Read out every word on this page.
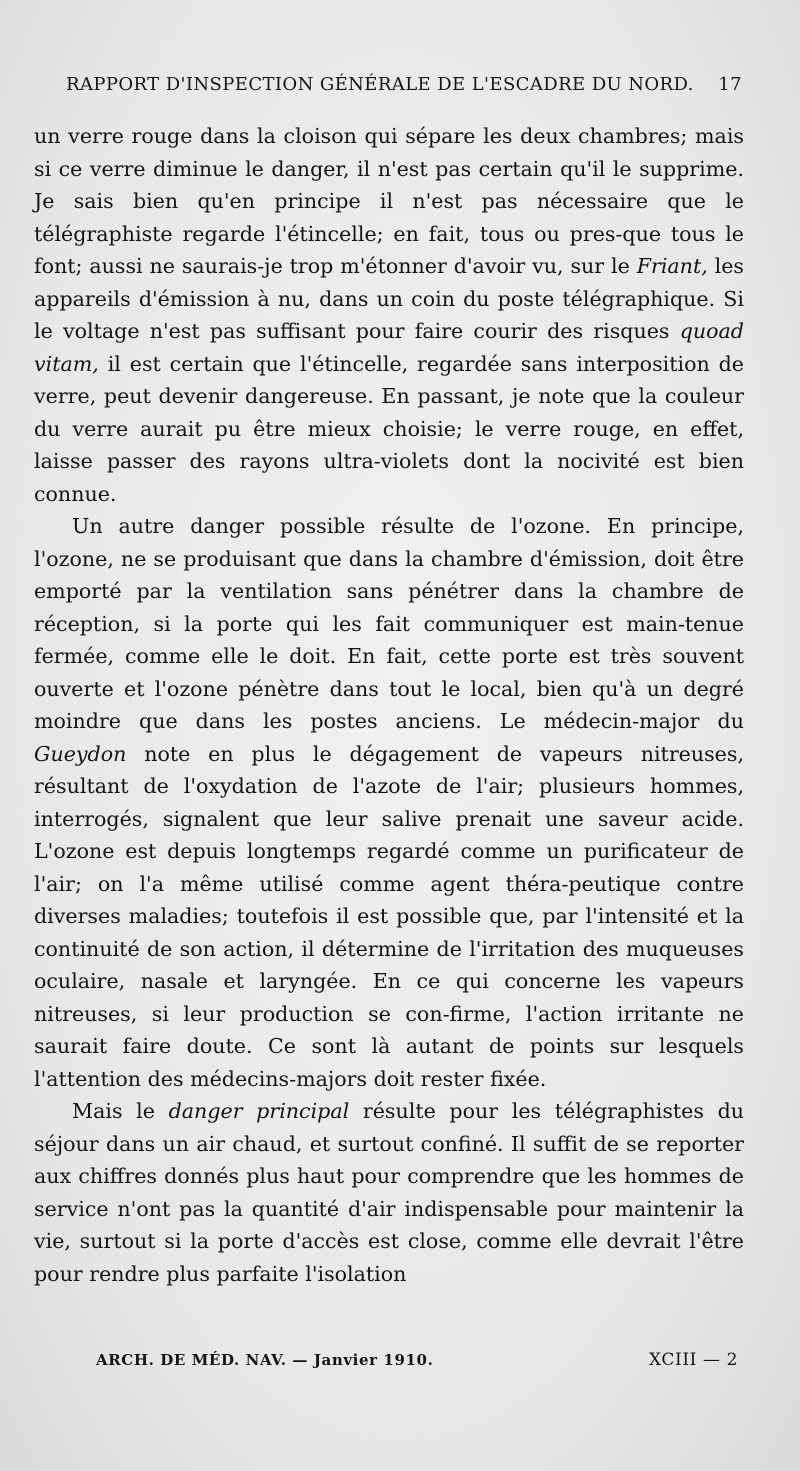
RAPPORT D'INSPECTION GÉNÉRALE DE L'ESCADRE DU NORD. 17

un verre rouge dans la cloison qui sépare les deux chambres; mais si ce verre diminue le danger, il n'est pas certain qu'il le supprime. Je sais bien qu'en principe il n'est pas nécessaire que le télégraphiste regarde l'étincelle; en fait, tous ou pres-que tous le font; aussi ne saurais-je trop m'étonner d'avoir vu, sur le Friant, les appareils d'émission à nu, dans un coin du poste télégraphique. Si le voltage n'est pas suffisant pour faire courir des risques quoad vitam, il est certain que l'étincelle, regardée sans interposition de verre, peut devenir dangereuse. En passant, je note que la couleur du verre aurait pu être mieux choisie; le verre rouge, en effet, laisse passer des rayons ultra-violets dont la nocivité est bien connue.

Un autre danger possible résulte de l'ozone. En principe, l'ozone, ne se produisant que dans la chambre d'émission, doit être emporté par la ventilation sans pénétrer dans la chambre de réception, si la porte qui les fait communiquer est main-tenue fermée, comme elle le doit. En fait, cette porte est très souvent ouverte et l'ozone pénètre dans tout le local, bien qu'à un degré moindre que dans les postes anciens. Le médecin-major du Gueydon note en plus le dégagement de vapeurs nitreuses, résultant de l'oxydation de l'azote de l'air; plusieurs hommes, interrogés, signalent que leur salive prenait une saveur acide. L'ozone est depuis longtemps regardé comme un purificateur de l'air; on l'a même utilisé comme agent théra-peutique contre diverses maladies; toutefois il est possible que, par l'intensité et la continuité de son action, il détermine de l'irritation des muqueuses oculaire, nasale et laryngée. En ce qui concerne les vapeurs nitreuses, si leur production se con-firme, l'action irritante ne saurait faire doute. Ce sont là autant de points sur lesquels l'attention des médecins-majors doit rester fixée.

Mais le danger principal résulte pour les télégraphistes du séjour dans un air chaud, et surtout confiné. Il suffit de se reporter aux chiffres donnés plus haut pour comprendre que les hommes de service n'ont pas la quantité d'air indispensable pour maintenir la vie, surtout si la porte d'accès est close, comme elle devrait l'être pour rendre plus parfaite l'isolation

ARCH. DE MÉD. NAV. — Janvier 1910.	XCIII — 2
